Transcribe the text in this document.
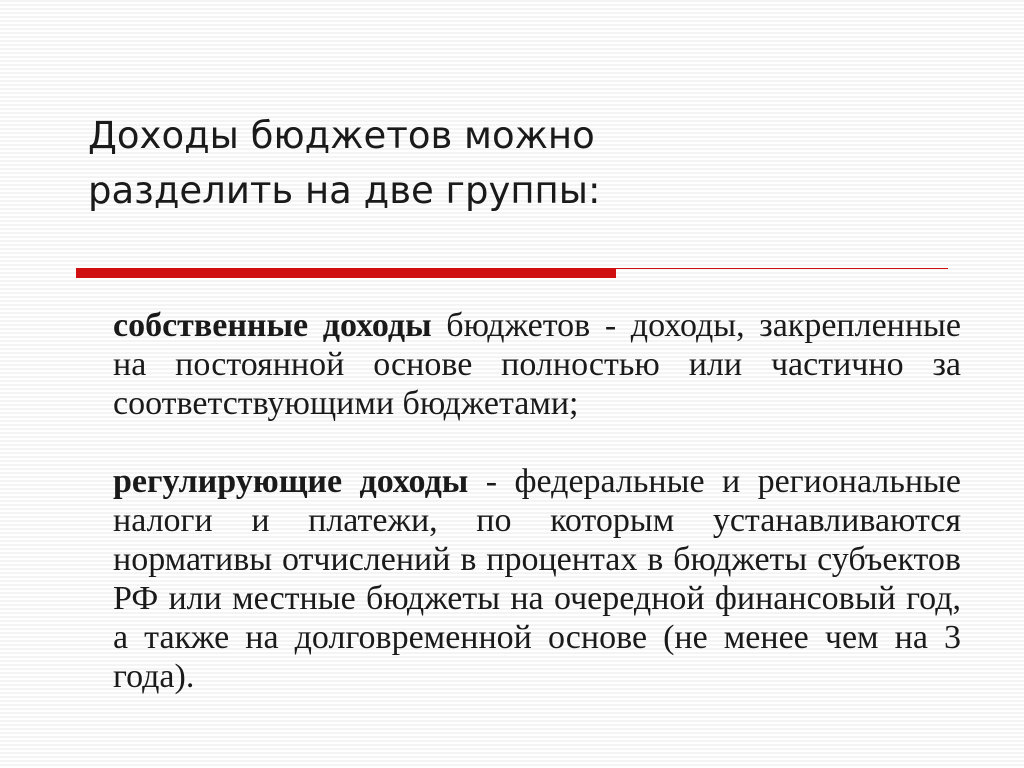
Доходы бюджетов можно
разделить на две группы:

собственные доходы бюджетов - доходы, закрепленные на постоянной основе полностью или частично за соответствующими бюджетами;

регулирующие доходы - федеральные и региональные налоги и платежи, по которым устанавливаются нормативы отчислений в процентах в бюджеты субъектов РФ или местные бюджеты на очередной финансовый год, а также на долговременной основе (не менее чем на 3 года).
